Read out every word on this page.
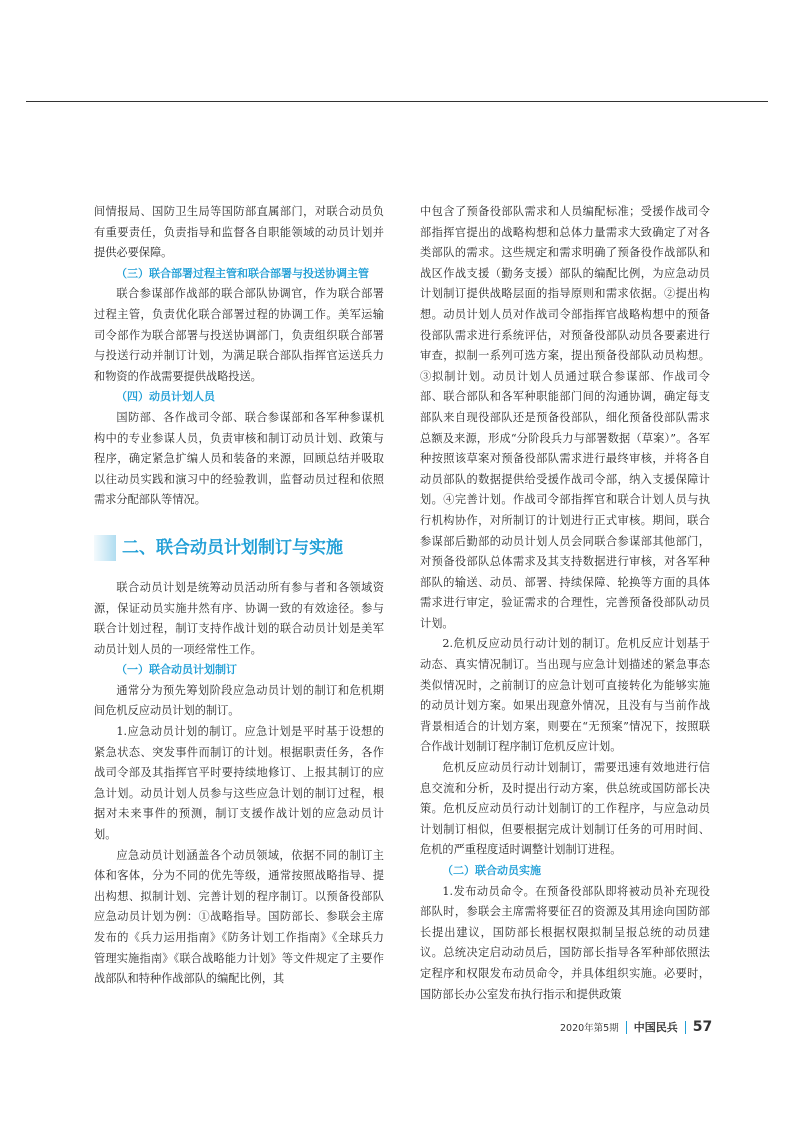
间情报局、国防卫生局等国防部直属部门，对联合动员负有重要责任，负责指导和监督各自职能领域的动员计划并提供必要保障。

（三）联合部署过程主管和联合部署与投送协调主管

联合参谋部作战部的联合部队协调官，作为联合部署过程主管，负责优化联合部署过程的协调工作。美军运输司令部作为联合部署与投送协调部门，负责组织联合部署与投送行动并制订计划，为满足联合部队指挥官运送兵力和物资的作战需要提供战略投送。

（四）动员计划人员

国防部、各作战司令部、联合参谋部和各军种参谋机构中的专业参谋人员，负责审核和制订动员计划、政策与程序，确定紧急扩编人员和装备的来源，回顾总结并吸取以往动员实践和演习中的经验教训，监督动员过程和依照需求分配部队等情况。

二、联合动员计划制订与实施

联合动员计划是统筹动员活动所有参与者和各领域资源，保证动员实施井然有序、协调一致的有效途径。参与联合计划过程，制订支持作战计划的联合动员计划是美军动员计划人员的一项经常性工作。

（一）联合动员计划制订

通常分为预先筹划阶段应急动员计划的制订和危机期间危机反应动员计划的制订。

1.应急动员计划的制订。应急计划是平时基于设想的紧急状态、突发事件而制订的计划。根据职责任务，各作战司令部及其指挥官平时要持续地修订、上报其制订的应急计划。动员计划人员参与这些应急计划的制订过程，根据对未来事件的预测，制订支援作战计划的应急动员计划。

应急动员计划涵盖各个动员领域，依据不同的制订主体和客体，分为不同的优先等级，通常按照战略指导、提出构想、拟制计划、完善计划的程序制订。以预备役部队应急动员计划为例：①战略指导。国防部长、参联会主席发布的《兵力运用指南》《防务计划工作指南》《全球兵力管理实施指南》《联合战略能力计划》等文件规定了主要作战部队和特种作战部队的编配比例，其

中包含了预备役部队需求和人员编配标准；受援作战司令部指挥官提出的战略构想和总体力量需求大致确定了对各类部队的需求。这些规定和需求明确了预备役作战部队和战区作战支援（勤务支援）部队的编配比例，为应急动员计划制订提供战略层面的指导原则和需求依据。②提出构想。动员计划人员对作战司令部指挥官战略构想中的预备役部队需求进行系统评估，对预备役部队动员各要素进行审查，拟制一系列可选方案，提出预备役部队动员构想。③拟制计划。动员计划人员通过联合参谋部、作战司令部、联合部队和各军种职能部门间的沟通协调，确定每支部队来自现役部队还是预备役部队，细化预备役部队需求总额及来源，形成“分阶段兵力与部署数据（草案）”。各军种按照该草案对预备役部队需求进行最终审核，并将各自动员部队的数据提供给受援作战司令部，纳入支援保障计划。④完善计划。作战司令部指挥官和联合计划人员与执行机构协作，对所制订的计划进行正式审核。期间，联合参谋部后勤部的动员计划人员会同联合参谋部其他部门，对预备役部队总体需求及其支持数据进行审核，对各军种部队的输送、动员、部署、持续保障、轮换等方面的具体需求进行审定，验证需求的合理性，完善预备役部队动员计划。

2.危机反应动员行动计划的制订。危机反应计划基于动态、真实情况制订。当出现与应急计划描述的紧急事态类似情况时，之前制订的应急计划可直接转化为能够实施的动员计划方案。如果出现意外情况，且没有与当前作战背景相适合的计划方案，则要在“无预案”情况下，按照联合作战计划制订程序制订危机反应计划。

危机反应动员行动计划制订，需要迅速有效地进行信息交流和分析，及时提出行动方案，供总统或国防部长决策。危机反应动员行动计划制订的工作程序，与应急动员计划制订相似，但要根据完成计划制订任务的可用时间、危机的严重程度适时调整计划制订进程。

（二）联合动员实施

1.发布动员命令。在预备役部队即将被动员补充现役部队时，参联会主席需将要征召的资源及其用途向国防部长提出建议，国防部长根据权限拟制呈报总统的动员建议。总统决定启动动员后，国防部长指导各军种部依照法定程序和权限发布动员命令，并具体组织实施。必要时，国防部长办公室发布执行指示和提供政策

2020年第5期 中国民兵 57
